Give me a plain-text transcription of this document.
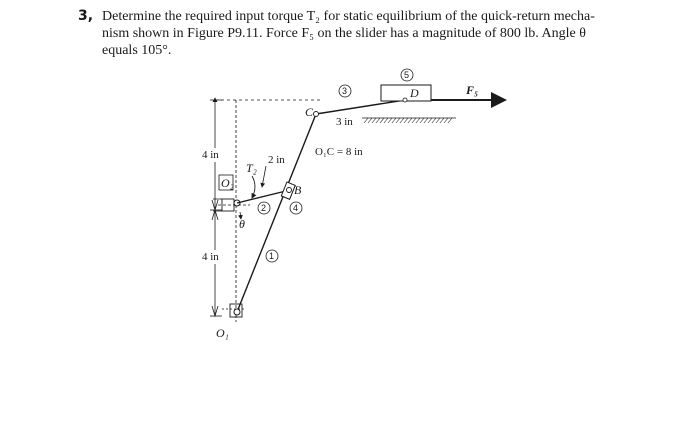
3, Determine the required input torque T₂ for static equilibrium of the quick-return mecha-
nism shown in Figure P9.11. Force F₅ on the slider has a magnitude of 800 lb. Angle θ
equals 105°.
4 in
4 in
O₂
T₂
2 in
θ
B
O₁
C
D
3 in
O₁C = 8 in
F₅
1
2
3
4
5
